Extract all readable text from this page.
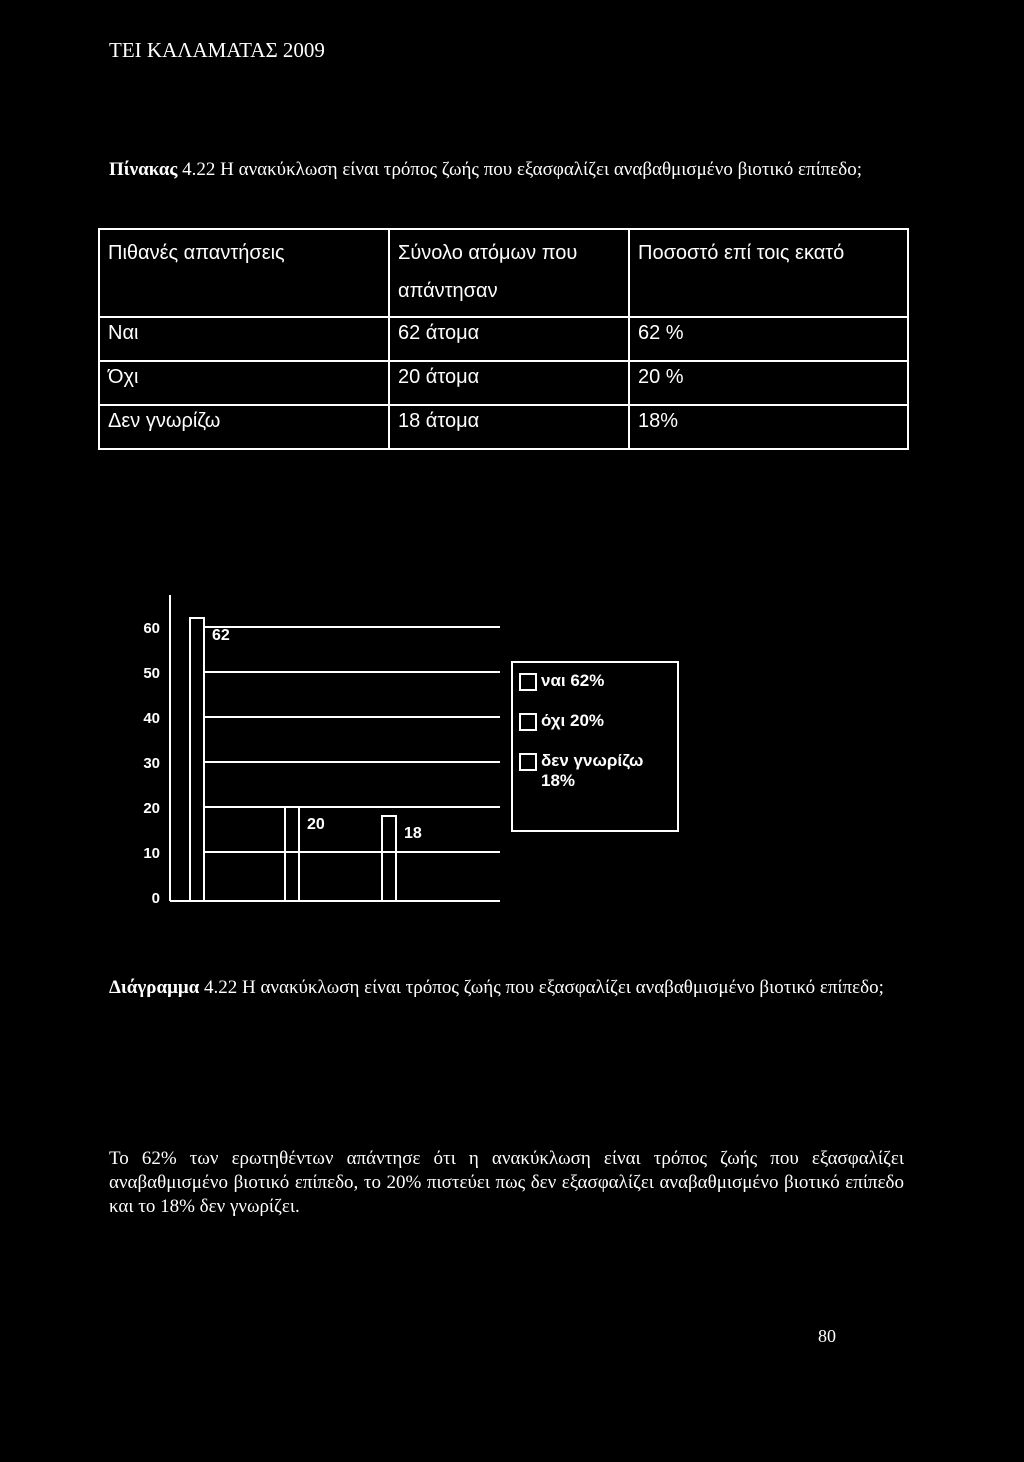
ΤΕΙ ΚΑΛΑΜΑΤΑΣ 2009
Πίνακας 4.22 Η ανακύκλωση είναι τρόπος ζωής που εξασφαλίζει αναβαθμισμένο βιοτικό επίπεδο;
Πιθανές απαντήσεις	Σύνολο ατόμων που απάντησαν	Ποσοστό επί τοις εκατό
Ναι	62 άτομα	62 %
Όχι	20 άτομα	20 %
Δεν γνωρίζω	18 άτομα	18%
0
10
20
30
40
50
60	62
20
18
ναι 62%
όχι 20%
δεν γνωρίζω 18%
Διάγραμμα 4.22 Η ανακύκλωση είναι τρόπος ζωής που εξασφαλίζει αναβαθμισμένο βιοτικό επίπεδο;
Το 62% των ερωτηθέντων απάντησε ότι η ανακύκλωση είναι τρόπος ζωής που εξασφαλίζει αναβαθμισμένο βιοτικό επίπεδο, το 20% πιστεύει πως δεν εξασφαλίζει αναβαθμισμένο βιοτικό επίπεδο και το 18% δεν γνωρίζει.
80
